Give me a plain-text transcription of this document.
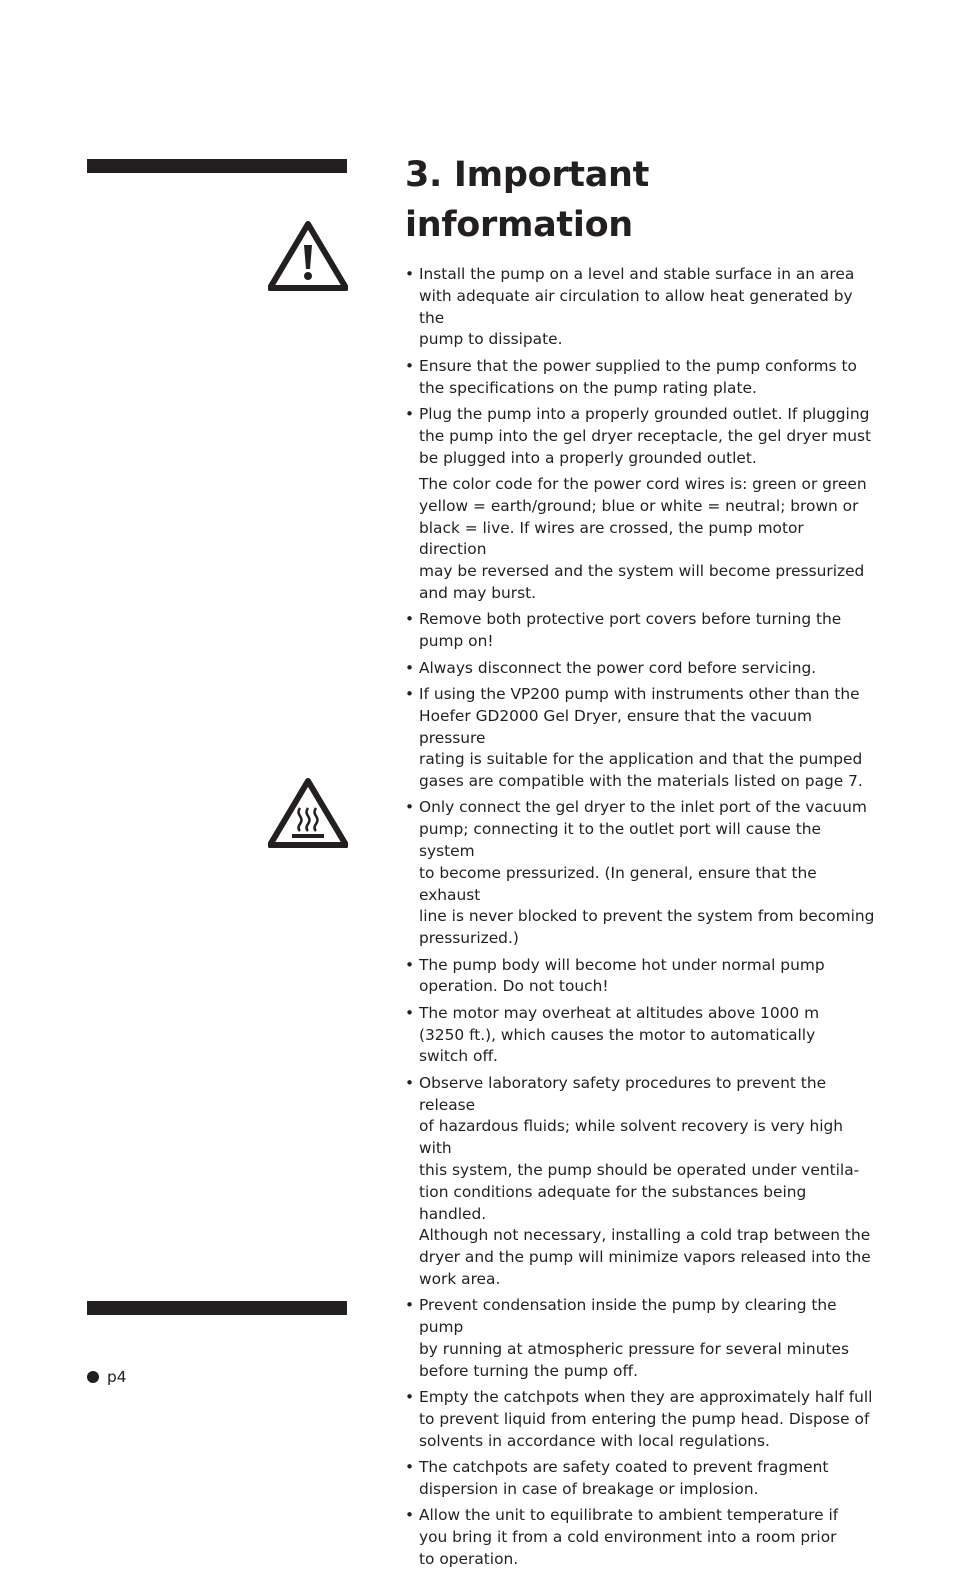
3. Important information
• Install the pump on a level and stable surface in an area
with adequate air circulation to allow heat generated by the
pump to dissipate.
• Ensure that the power supplied to the pump conforms to
the specifications on the pump rating plate.
• Plug the pump into a properly grounded outlet. If plugging
the pump into the gel dryer receptacle, the gel dryer must
be plugged into a properly grounded outlet.
The color code for the power cord wires is: green or green
yellow = earth/ground; blue or white = neutral; brown or
black = live. If wires are crossed, the pump motor direction
may be reversed and the system will become pressurized
and may burst.
• Remove both protective port covers before turning the
pump on!
• Always disconnect the power cord before servicing.
• If using the VP200 pump with instruments other than the
Hoefer GD2000 Gel Dryer, ensure that the vacuum pressure
rating is suitable for the application and that the pumped
gases are compatible with the materials listed on page 7.
• Only connect the gel dryer to the inlet port of the vacuum
pump; connecting it to the outlet port will cause the system
to become pressurized. (In general, ensure that the exhaust
line is never blocked to prevent the system from becoming
pressurized.)
• The pump body will become hot under normal pump
operation. Do not touch!
• The motor may overheat at altitudes above 1000 m
(3250 ft.), which causes the motor to automatically
switch off.
• Observe laboratory safety procedures to prevent the release
of hazardous fluids; while solvent recovery is very high with
this system, the pump should be operated under ventila-
tion conditions adequate for the substances being handled.
Although not necessary, installing a cold trap between the
dryer and the pump will minimize vapors released into the
work area.
• Prevent condensation inside the pump by clearing the pump
by running at atmospheric pressure for several minutes
before turning the pump off.
• Empty the catchpots when they are approximately half full
to prevent liquid from entering the pump head. Dispose of
solvents in accordance with local regulations.
• The catchpots are safety coated to prevent fragment
dispersion in case of breakage or implosion.
• Allow the unit to equilibrate to ambient temperature if
you bring it from a cold environment into a room prior
to operation.
p4
